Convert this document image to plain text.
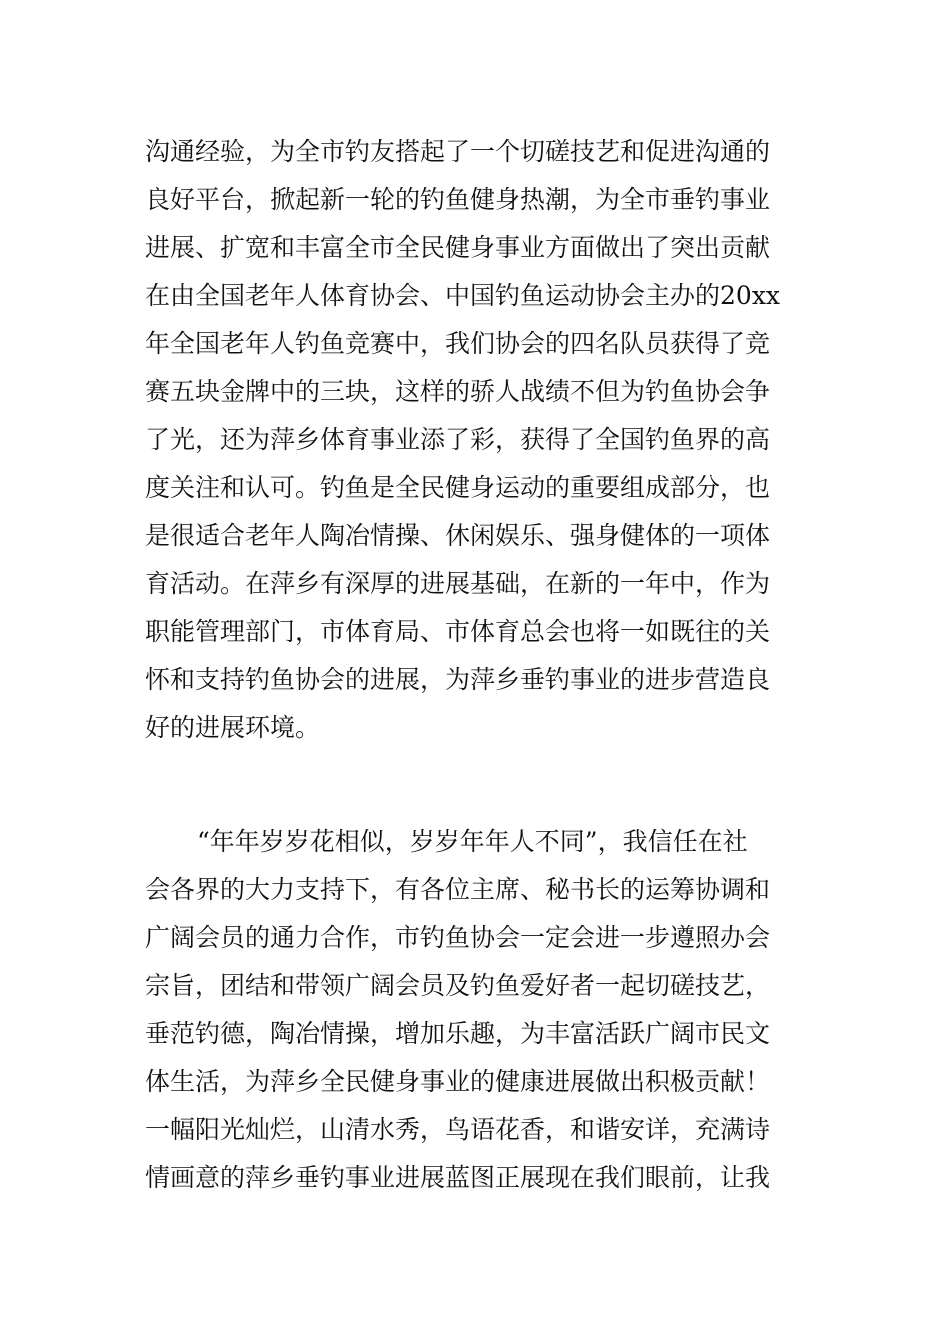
沟通经验，为全市钓友搭起了一个切磋技艺和促进沟通的
良好平台，掀起新一轮的钓鱼健身热潮，为全市垂钓事业
进展、扩宽和丰富全市全民健身事业方面做出了突出贡献
在由全国老年人体育协会、中国钓鱼运动协会主办的20xx
年全国老年人钓鱼竞赛中，我们协会的四名队员获得了竞
赛五块金牌中的三块，这样的骄人战绩不但为钓鱼协会争
了光，还为萍乡体育事业添了彩，获得了全国钓鱼界的高
度关注和认可。钓鱼是全民健身运动的重要组成部分，也
是很适合老年人陶冶情操、休闲娱乐、强身健体的一项体
育活动。在萍乡有深厚的进展基础，在新的一年中，作为
职能管理部门，市体育局、市体育总会也将一如既往的关
怀和支持钓鱼协会的进展，为萍乡垂钓事业的进步营造良
好的进展环境。
“年年岁岁花相似，岁岁年年人不同”，我信任在社
会各界的大力支持下，有各位主席、秘书长的运筹协调和
广阔会员的通力合作，市钓鱼协会一定会进一步遵照办会
宗旨，团结和带领广阔会员及钓鱼爱好者一起切磋技艺，
垂范钓德，陶冶情操，增加乐趣，为丰富活跃广阔市民文
体生活，为萍乡全民健身事业的健康进展做出积极贡献！
一幅阳光灿烂，山清水秀，鸟语花香，和谐安详，充满诗
情画意的萍乡垂钓事业进展蓝图正展现在我们眼前，让我
